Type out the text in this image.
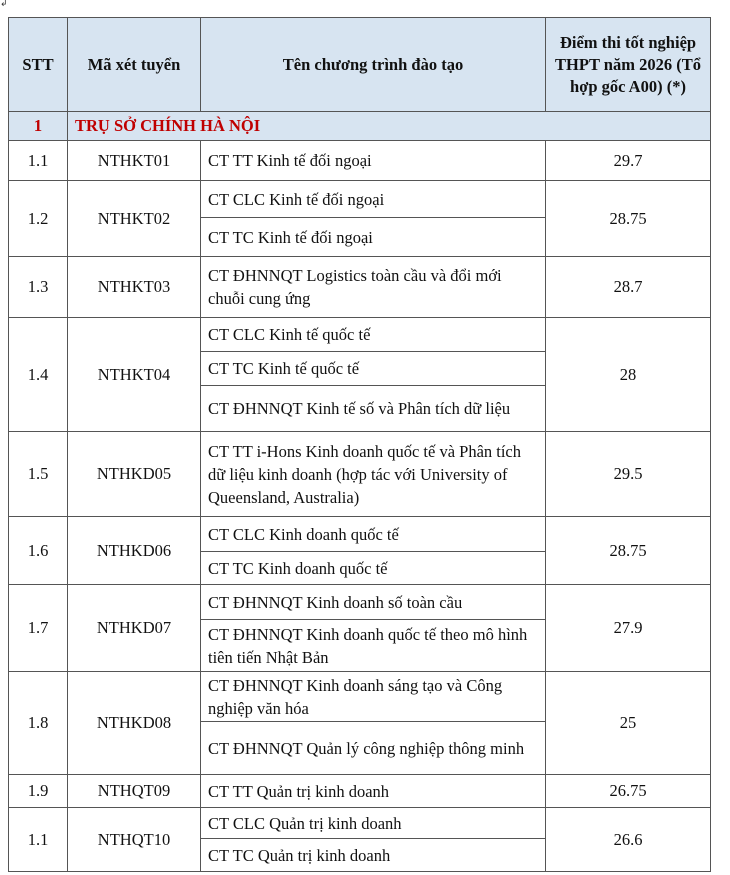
↲
STT	Mã xét tuyển	Tên chương trình đào tạo	Điểm thi tốt nghiệp THPT năm 2026 (Tổ hợp gốc A00) (*)
1	TRỤ SỞ CHÍNH HÀ NỘI		
1.1	NTHKT01	CT TT Kinh tế đối ngoại	29.7
1.2	NTHKT02	CT CLC Kinh tế đối ngoại	28.75
		CT TC Kinh tế đối ngoại	
1.3	NTHKT03	CT ĐHNNQT Logistics toàn cầu và đổi mới chuỗi cung ứng	28.7
1.4	NTHKT04	CT CLC Kinh tế quốc tế	28
		CT TC Kinh tế quốc tế	
		CT ĐHNNQT Kinh tế số và Phân tích dữ liệu	
1.5	NTHKD05	CT TT i-Hons Kinh doanh quốc tế và Phân tích dữ liệu kinh doanh (hợp tác với University of Queensland, Australia)	29.5
1.6	NTHKD06	CT CLC Kinh doanh quốc tế	28.75
		CT TC Kinh doanh quốc tế	
1.7	NTHKD07	CT ĐHNNQT Kinh doanh số toàn cầu	27.9
		CT ĐHNNQT Kinh doanh quốc tế theo mô hình tiên tiến Nhật Bản	
1.8	NTHKD08	CT ĐHNNQT Kinh doanh sáng tạo và Công nghiệp văn hóa	25
		CT ĐHNNQT Quản lý công nghiệp thông minh	
1.9	NTHQT09	CT TT Quản trị kinh doanh	26.75
1.1	NTHQT10	CT CLC Quản trị kinh doanh	26.6
		CT TC Quản trị kinh doanh	
